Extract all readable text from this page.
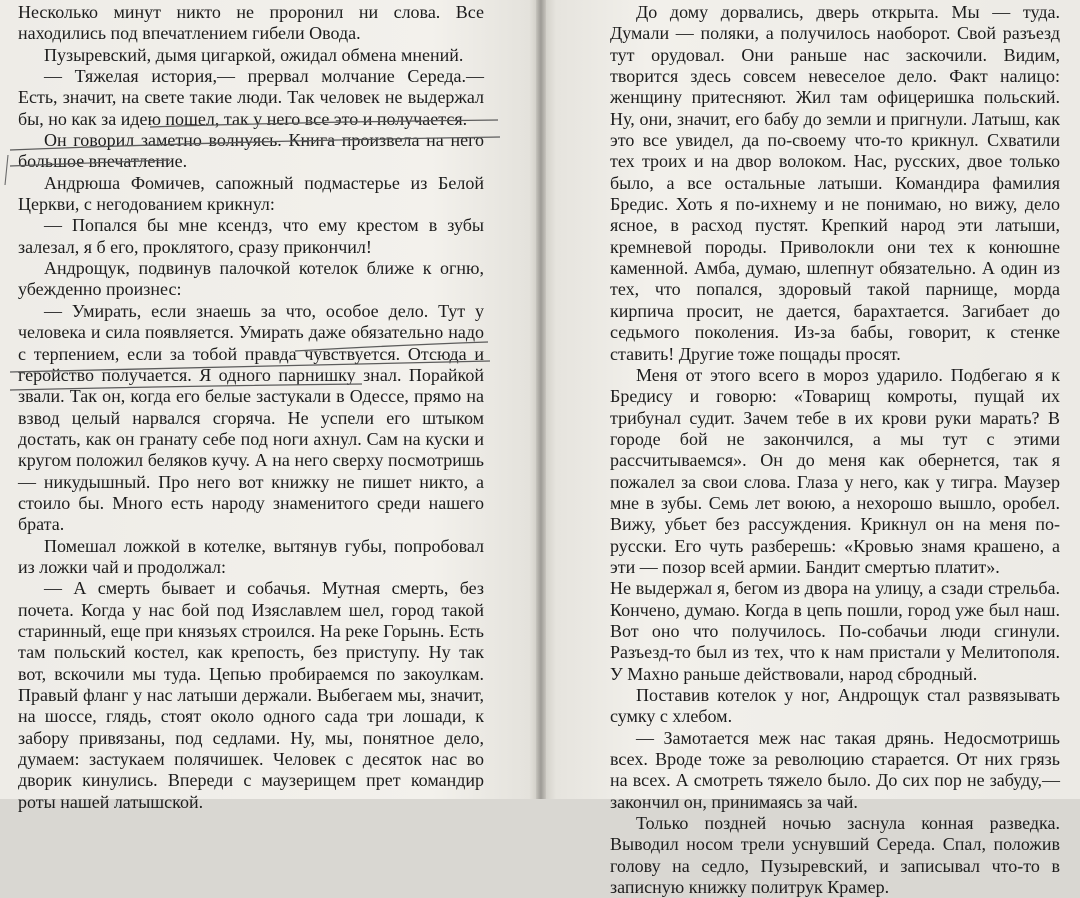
Несколько минут никто не проронил ни слова. Все находились под впечатлением гибели Овода.

Пузыревский, дымя цигаркой, ожидал обмена мнений.

— Тяжелая история,— прервал молчание Середа.— Есть, значит, на свете такие люди. Так человек не выдержал бы, но как за идею пошел, так у него все это и получается.

Он говорил заметно волнуясь. Книга произвела на него большое впечатление.

Андрюша Фомичев, сапожный подмастерье из Белой Церкви, с негодованием крикнул:

— Попался бы мне ксендз, что ему крестом в зубы залезал, я б его, проклятого, сразу прикончил!

Андрощук, подвинув палочкой котелок ближе к огню, убежденно произнес:

— Умирать, если знаешь за что, особое дело. Тут у человека и сила появляется. Умирать даже обязательно надо с терпением, если за тобой правда чувствуется. Отсюда и геройство получается. Я одного парнишку знал. Порайкой звали. Так он, когда его белые застукали в Одессе, прямо на взвод целый нарвался сгоряча. Не успели его штыком достать, как он гранату себе под ноги ахнул. Сам на куски и кругом положил беляков кучу. А на него сверху посмотришь — никудышный. Про него вот книжку не пишет никто, а стоило бы. Много есть народу знаменитого среди нашего брата.

Помешал ложкой в котелке, вытянув губы, попробовал из ложки чай и продолжал:

— А смерть бывает и собачья. Мутная смерть, без почета. Когда у нас бой под Изяславлем шел, город такой старинный, еще при князьях строился. На реке Горынь. Есть там польский костел, как крепость, без приступу. Ну так вот, вскочили мы туда. Цепью пробираемся по закоулкам. Правый фланг у нас латыши держали. Выбегаем мы, значит, на шоссе, глядь, стоят около одного сада три лошади, к забору привязаны, под седлами. Ну, мы, понятное дело, думаем: застукаем полячишек. Человек с десяток нас во дворик кинулись. Впереди с маузерищем прет командир роты нашей латышской.

До дому дорвались, дверь открыта. Мы — туда. Думали — поляки, а получилось наоборот. Свой разъезд тут орудовал. Они раньше нас заскочили. Видим, творится здесь совсем невеселое дело. Факт налицо: женщину притесняют. Жил там офицеришка польский. Ну, они, значит, его бабу до земли и пригнули. Латыш, как это все увидел, да по-своему что-то крикнул. Схватили тех троих и на двор волоком. Нас, русских, двое только было, а все остальные латыши. Командира фамилия Бредис. Хоть я по-ихнему и не понимаю, но вижу, дело ясное, в расход пустят. Крепкий народ эти латыши, кремневой породы. Приволокли они тех к конюшне каменной. Амба, думаю, шлепнут обязательно. А один из тех, что попался, здоровый такой парнище, морда кирпича просит, не дается, барахтается. Загибает до седьмого поколения. Из-за бабы, говорит, к стенке ставить! Другие тоже пощады просят.

Меня от этого всего в мороз ударило. Подбегаю я к Бредису и говорю: «Товарищ комроты, пущай их трибунал судит. Зачем тебе в их крови руки марать? В городе бой не закончился, а мы тут с этими рассчитываемся». Он до меня как обернется, так я пожалел за свои слова. Глаза у него, как у тигра. Маузер мне в зубы. Семь лет воюю, а нехорошо вышло, оробел. Вижу, убьет без рассуждения. Крикнул он на меня по-русски. Его чуть разберешь: «Кровью знамя крашено, а эти — позор всей армии. Бандит смертью платит».

Не выдержал я, бегом из двора на улицу, а сзади стрельба. Кончено, думаю. Когда в цепь пошли, город уже был наш. Вот оно что получилось. По-собачьи люди сгинули. Разъезд-то был из тех, что к нам пристали у Мелитополя. У Махно раньше действовали, народ сбродный.

Поставив котелок у ног, Андрощук стал развязывать сумку с хлебом.

— Замотается меж нас такая дрянь. Недосмотришь всех. Вроде тоже за революцию старается. От них грязь на всех. А смотреть тяжело было. До сих пор не забуду,— закончил он, принимаясь за чай.

Только поздней ночью заснула конная разведка. Выводил носом трели уснувший Середа. Спал, положив голову на седло, Пузыревский, и записывал что-то в записную книжку политрук Крамер.
